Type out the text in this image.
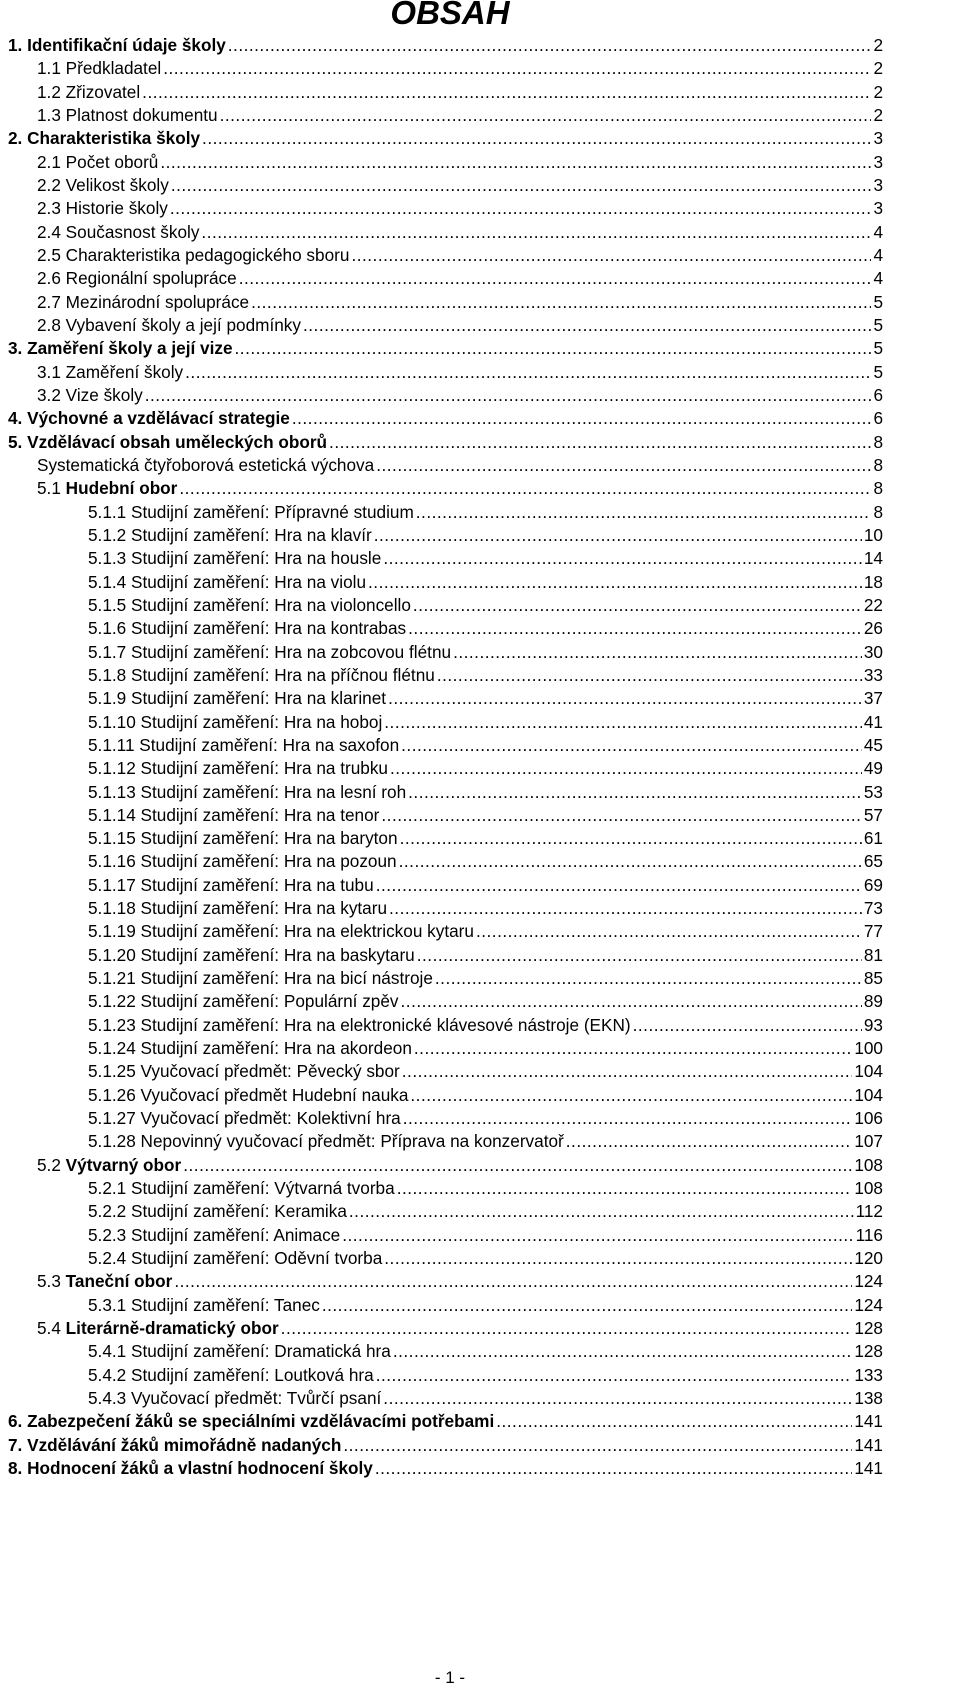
OBSAH
1. Identifikační údaje školy .....	2
1.1 Předkladatel .....	2
1.2 Zřizovatel .....	2
1.3 Platnost dokumentu .....	2
2. Charakteristika školy .....	3
2.1 Počet oborů .....	3
2.2 Velikost školy .....	3
2.3 Historie školy .....	3
2.4 Současnost školy .....	4
2.5 Charakteristika pedagogického sboru .....	4
2.6 Regionální spolupráce .....	4
2.7 Mezinárodní spolupráce .....	5
2.8 Vybavení školy a její podmínky .....	5
3. Zaměření školy a její vize .....	5
3.1 Zaměření školy .....	5
3.2 Vize školy .....	6
4. Výchovné a vzdělávací strategie .....	6
5. Vzdělávací obsah uměleckých oborů .....	8
Systematická čtyřoborová estetická výchova .....	8
5.1 Hudební obor .....	8
5.1.1 Studijní zaměření: Přípravné studium .....	8
5.1.2 Studijní zaměření: Hra na klavír .....	10
5.1.3 Studijní zaměření: Hra na housle .....	14
5.1.4 Studijní zaměření: Hra na violu .....	18
5.1.5 Studijní zaměření: Hra na violoncello .....	22
5.1.6 Studijní zaměření: Hra na kontrabas .....	26
5.1.7 Studijní zaměření: Hra na zobcovou flétnu .....	30
5.1.8 Studijní zaměření: Hra na příčnou flétnu .....	33
5.1.9 Studijní zaměření: Hra na klarinet .....	37
5.1.10 Studijní zaměření: Hra na hoboj .....	41
5.1.11 Studijní zaměření: Hra na saxofon .....	45
5.1.12 Studijní zaměření: Hra na trubku .....	49
5.1.13 Studijní zaměření: Hra na lesní roh .....	53
5.1.14 Studijní zaměření: Hra na tenor .....	57
5.1.15 Studijní zaměření: Hra na baryton .....	61
5.1.16 Studijní zaměření: Hra na pozoun .....	65
5.1.17 Studijní zaměření: Hra na tubu .....	69
5.1.18 Studijní zaměření: Hra na kytaru .....	73
5.1.19 Studijní zaměření: Hra na elektrickou kytaru .....	77
5.1.20 Studijní zaměření: Hra na baskytaru .....	81
5.1.21 Studijní zaměření: Hra na bicí nástroje .....	85
5.1.22 Studijní zaměření: Populární zpěv .....	89
5.1.23 Studijní zaměření: Hra na elektronické klávesové nástroje (EKN) .....	93
5.1.24 Studijní zaměření: Hra na akordeon .....	100
5.1.25 Vyučovací předmět: Pěvecký sbor .....	104
5.1.26 Vyučovací předmět Hudební nauka .....	104
5.1.27 Vyučovací předmět: Kolektivní hra .....	106
5.1.28 Nepovinný vyučovací předmět: Příprava na konzervatoř .....	107
5.2 Výtvarný obor .....	108
5.2.1 Studijní zaměření: Výtvarná tvorba .....	108
5.2.2 Studijní zaměření: Keramika .....	112
5.2.3 Studijní zaměření: Animace .....	116
5.2.4 Studijní zaměření: Oděvní tvorba .....	120
5.3 Taneční obor .....	124
5.3.1 Studijní zaměření: Tanec .....	124
5.4 Literárně-dramatický obor .....	128
5.4.1 Studijní zaměření: Dramatická hra .....	128
5.4.2 Studijní zaměření: Loutková hra .....	133
5.4.3 Vyučovací předmět: Tvůrčí psaní .....	138
6. Zabezpečení žáků se speciálními vzdělávacími potřebami .....	141
7. Vzdělávání žáků mimořádně nadaných .....	141
8. Hodnocení žáků a vlastní hodnocení školy .....	141
- 1 -
